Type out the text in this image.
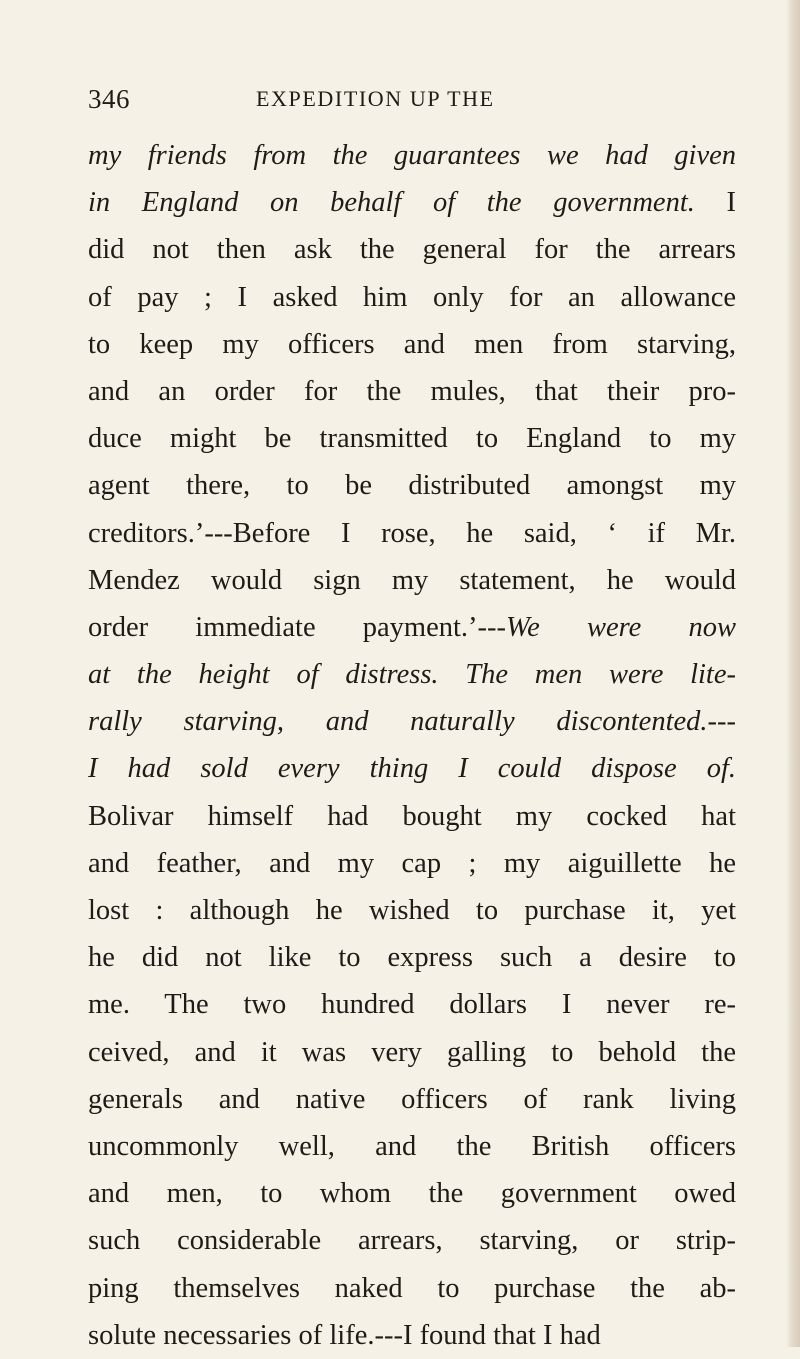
346	EXPEDITION UP THE
my friends from the guarantees we had given
in England on behalf of the government. I
did not then ask the general for the arrears
of pay ; I asked him only for an allowance
to keep my officers and men from starving,
and an order for the mules, that their pro-
duce might be transmitted to England to my
agent there, to be distributed amongst my
creditors.’---Before I rose, he said, ‘ if Mr.
Mendez would sign my statement, he would
order immediate payment.’---We were now
at the height of distress. The men were lite-
rally starving, and naturally discontented.---
I had sold every thing I could dispose of.
Bolivar himself had bought my cocked hat
and feather, and my cap ; my aiguillette he
lost : although he wished to purchase it, yet
he did not like to express such a desire to
me. The two hundred dollars I never re-
ceived, and it was very galling to behold the
generals and native officers of rank living
uncommonly well, and the British officers
and men, to whom the government owed
such considerable arrears, starving, or strip-
ping themselves naked to purchase the ab-
solute necessaries of life.---I found that I had
